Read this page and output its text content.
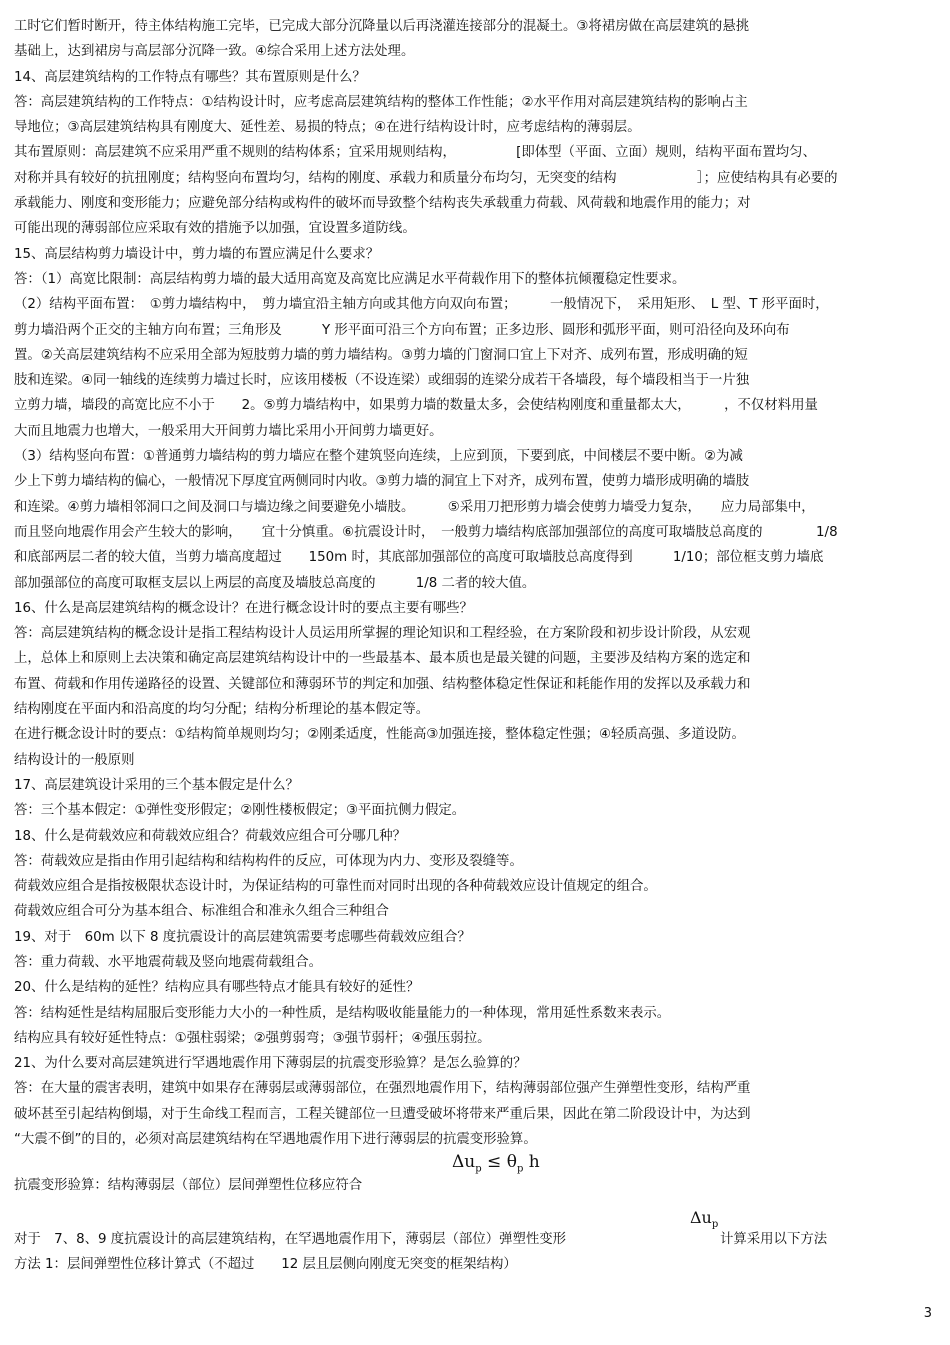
工时它们暂时断开，待主体结构施工完毕，已完成大部分沉降量以后再浇灌连接部分的混凝土。③将裙房做在高层建筑的悬挑
基础上，达到裙房与高层部分沉降一致。④综合采用上述方法处理。
14、高层建筑结构的工作特点有哪些？其布置原则是什么？
答：高层建筑结构的工作特点：①结构设计时，应考虑高层建筑结构的整体工作性能；②水平作用对高层建筑结构的影响占主
导地位；③高层建筑结构具有刚度大、延性差、易损的特点；④在进行结构设计时，应考虑结构的薄弱层。
其布置原则：高层建筑不应采用严重不规则的结构体系；宜采用规则结构，　　　　　[即体型（平面、立面）规则，结构平面布置均匀、
对称并具有较好的抗扭刚度；结构竖向布置均匀，结构的刚度、承载力和质量分布均匀，无突变的结构　　　　　　］；应使结构具有必要的
承载能力、刚度和变形能力；应避免部分结构或构件的破坏而导致整个结构丧失承载重力荷载、风荷载和地震作用的能力；对
可能出现的薄弱部位应采取有效的措施予以加强，宜设置多道防线。
15、高层结构剪力墙设计中，剪力墙的布置应满足什么要求？
答：（1）高宽比限制：高层结构剪力墙的最大适用高宽及高宽比应满足水平荷载作用下的整体抗倾覆稳定性要求。
（2）结构平面布置：　①剪力墙结构中，　剪力墙宜沿主轴方向或其他方向双向布置；　　　一般情况下，　采用矩形、　L 型、T 形平面时，
剪力墙沿两个正交的主轴方向布置；三角形及　　　Y 形平面可沿三个方向布置；正多边形、圆形和弧形平面，则可沿径向及环向布
置。②关高层建筑结构不应采用全部为短肢剪力墙的剪力墙结构。③剪力墙的门窗洞口宜上下对齐、成列布置，形成明确的短
肢和连梁。④同一轴线的连续剪力墙过长时，应该用楼板（不设连梁）或细弱的连梁分成若干各墙段，每个墙段相当于一片独
立剪力墙，墙段的高宽比应不小于　　2。⑤剪力墙结构中，如果剪力墙的数量太多，会使结构刚度和重量都太大，　　　，不仅材料用量
大而且地震力也增大，一般采用大开间剪力墙比采用小开间剪力墙更好。
（3）结构竖向布置：①普通剪力墙结构的剪力墙应在整个建筑竖向连续，上应到顶，下要到底，中间楼层不要中断。②为减
少上下剪力墙结构的偏心，一般情况下厚度宜两侧同时内收。③剪力墙的洞宜上下对齐，成列布置，使剪力墙形成明确的墙肢
和连梁。④剪力墙相邻洞口之间及洞口与墙边缘之间要避免小墙肢。　　　⑤采用刀把形剪力墙会使剪力墙受力复杂，　　应力局部集中，
而且竖向地震作用会产生较大的影响，　　宜十分慎重。⑥抗震设计时，　一般剪力墙结构底部加强部位的高度可取墙肢总高度的　　　　1/8
和底部两层二者的较大值，当剪力墙高度超过　　150m 时，其底部加强部位的高度可取墙肢总高度得到　　　1/10；部位框支剪力墙底
部加强部位的高度可取框支层以上两层的高度及墙肢总高度的　　　1/8 二者的较大值。
16、什么是高层建筑结构的概念设计？在进行概念设计时的要点主要有哪些？
答：高层建筑结构的概念设计是指工程结构设计人员运用所掌握的理论知识和工程经验，在方案阶段和初步设计阶段，从宏观
上，总体上和原则上去决策和确定高层建筑结构设计中的一些最基本、最本质也是最关键的问题，主要涉及结构方案的选定和
布置、荷载和作用传递路径的设置、关键部位和薄弱环节的判定和加强、结构整体稳定性保证和耗能作用的发挥以及承载力和
结构刚度在平面内和沿高度的均匀分配；结构分析理论的基本假定等。
在进行概念设计时的要点：①结构简单规则均匀；②刚柔适度，性能高③加强连接，整体稳定性强；④轻质高强、多道设防。
结构设计的一般原则
17、高层建筑设计采用的三个基本假定是什么？
答：三个基本假定：①弹性变形假定；②刚性楼板假定；③平面抗侧力假定。
18、什么是荷载效应和荷载效应组合？荷载效应组合可分哪几种？
答：荷载效应是指由作用引起结构和结构构件的反应，可体现为内力、变形及裂缝等。
荷载效应组合是指按极限状态设计时，为保证结构的可靠性而对同时出现的各种荷载效应设计值规定的组合。
荷载效应组合可分为基本组合、标准组合和准永久组合三种组合
19、对于　60m 以下 8 度抗震设计的高层建筑需要考虑哪些荷载效应组合？
答：重力荷载、水平地震荷载及竖向地震荷载组合。
20、什么是结构的延性？结构应具有哪些特点才能具有较好的延性？
答：结构延性是结构屈服后变形能力大小的一种性质，是结构吸收能量能力的一种体现，常用延性系数来表示。
结构应具有较好延性特点：①强柱弱梁；②强剪弱弯；③强节弱杆；④强压弱拉。
21、为什么要对高层建筑进行罕遇地震作用下薄弱层的抗震变形验算？是怎么验算的？
答：在大量的震害表明，建筑中如果存在薄弱层或薄弱部位，在强烈地震作用下，结构薄弱部位强产生弹塑性变形，结构严重
破坏甚至引起结构倒塌，对于生命线工程而言，工程关键部位一旦遭受破坏将带来严重后果，因此在第二阶段设计中，为达到
“大震不倒”的目的，必须对高层建筑结构在罕遇地震作用下进行薄弱层的抗震变形验算。
抗震变形验算：结构薄弱层（部位）层间弹塑性位移应符合
$\Delta u_p \le \theta_p$ h
对于　7、8、9 度抗震设计的高层建筑结构，在罕遇地震作用下，薄弱层（部位）弹塑性变形
$\Delta u_p$
计算采用以下方法
方法 1：层间弹塑性位移计算式（不超过　　12 层且层侧向刚度无突变的框架结构）
3
